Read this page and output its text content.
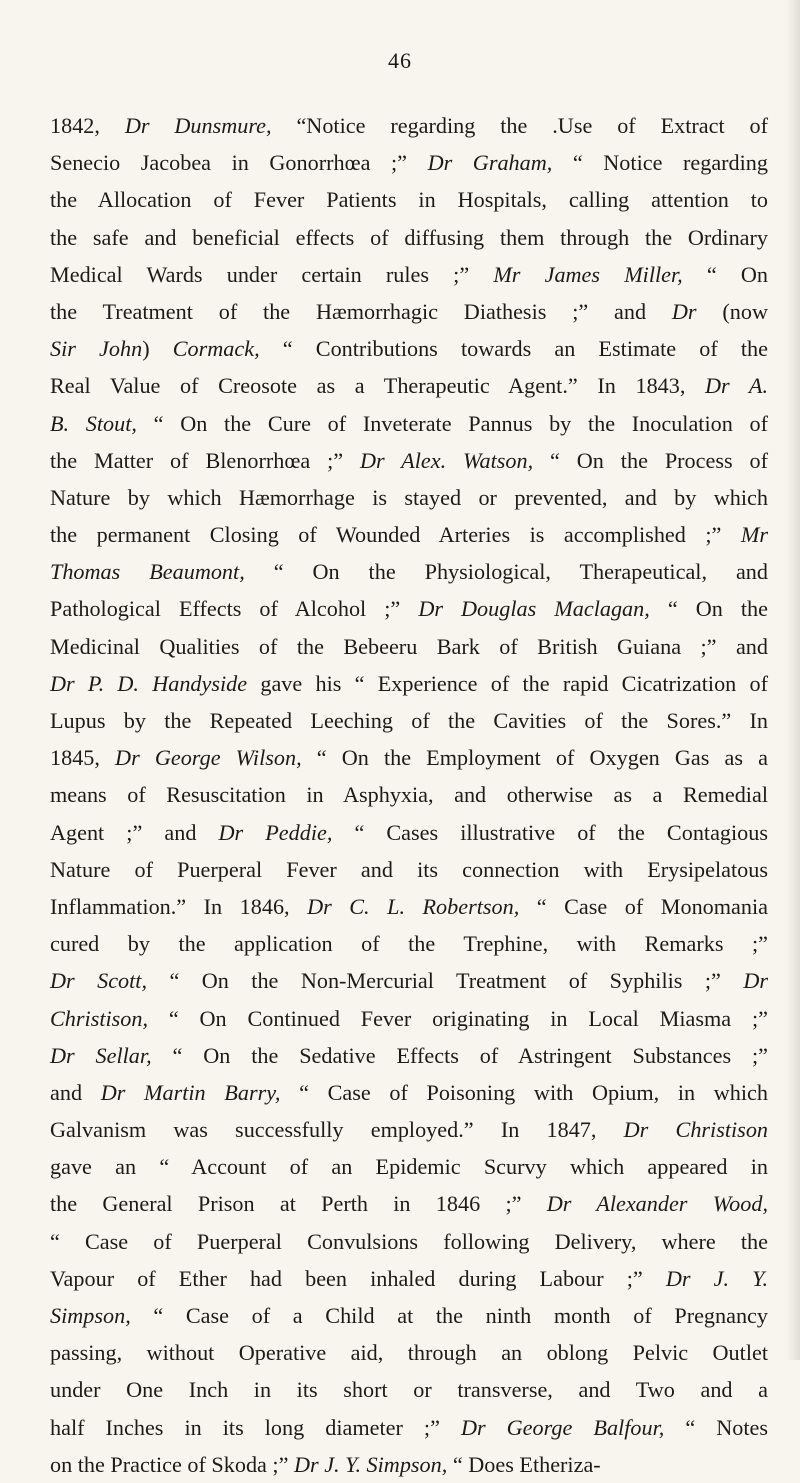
46
1842, Dr Dunsmure, “Notice regarding the .Use of Extract of
Senecio Jacobea in Gonorrhœa ;” Dr Graham, “ Notice regarding
the Allocation of Fever Patients in Hospitals, calling attention to
the safe and beneficial effects of diffusing them through the Ordinary
Medical Wards under certain rules ;” Mr James Miller, “ On
the Treatment of the Hæmorrhagic Diathesis ;” and Dr (now
Sir John) Cormack, “ Contributions towards an Estimate of the
Real Value of Creosote as a Therapeutic Agent.” In 1843, Dr A.
B. Stout, “ On the Cure of Inveterate Pannus by the Inoculation of
the Matter of Blenorrhœa ;” Dr Alex. Watson, “ On the Process of
Nature by which Hæmorrhage is stayed or prevented, and by which
the permanent Closing of Wounded Arteries is accomplished ;” Mr
Thomas Beaumont, “ On the Physiological, Therapeutical, and
Pathological Effects of Alcohol ;” Dr Douglas Maclagan, “ On the
Medicinal Qualities of the Bebeeru Bark of British Guiana ;” and
Dr P. D. Handyside gave his “ Experience of the rapid Cicatrization of
Lupus by the Repeated Leeching of the Cavities of the Sores.” In
1845, Dr George Wilson, “ On the Employment of Oxygen Gas as a
means of Resuscitation in Asphyxia, and otherwise as a Remedial
Agent ;” and Dr Peddie, “ Cases illustrative of the Contagious
Nature of Puerperal Fever and its connection with Erysipelatous
Inflammation.” In 1846, Dr C. L. Robertson, “ Case of Monomania
cured by the application of the Trephine, with Remarks ;”
Dr Scott, “ On the Non-Mercurial Treatment of Syphilis ;” Dr
Christison, “ On Continued Fever originating in Local Miasma ;”
Dr Sellar, “ On the Sedative Effects of Astringent Substances ;”
and Dr Martin Barry, “ Case of Poisoning with Opium, in which
Galvanism was successfully employed.” In 1847, Dr Christison
gave an “ Account of an Epidemic Scurvy which appeared in
the General Prison at Perth in 1846 ;” Dr Alexander Wood,
“ Case of Puerperal Convulsions following Delivery, where the
Vapour of Ether had been inhaled during Labour ;” Dr J. Y.
Simpson, “ Case of a Child at the ninth month of Pregnancy
passing, without Operative aid, through an oblong Pelvic Outlet
under One Inch in its short or transverse, and Two and a
half Inches in its long diameter ;” Dr George Balfour, “ Notes
on the Practice of Skoda ;” Dr J. Y. Simpson, “ Does Etheriza-
